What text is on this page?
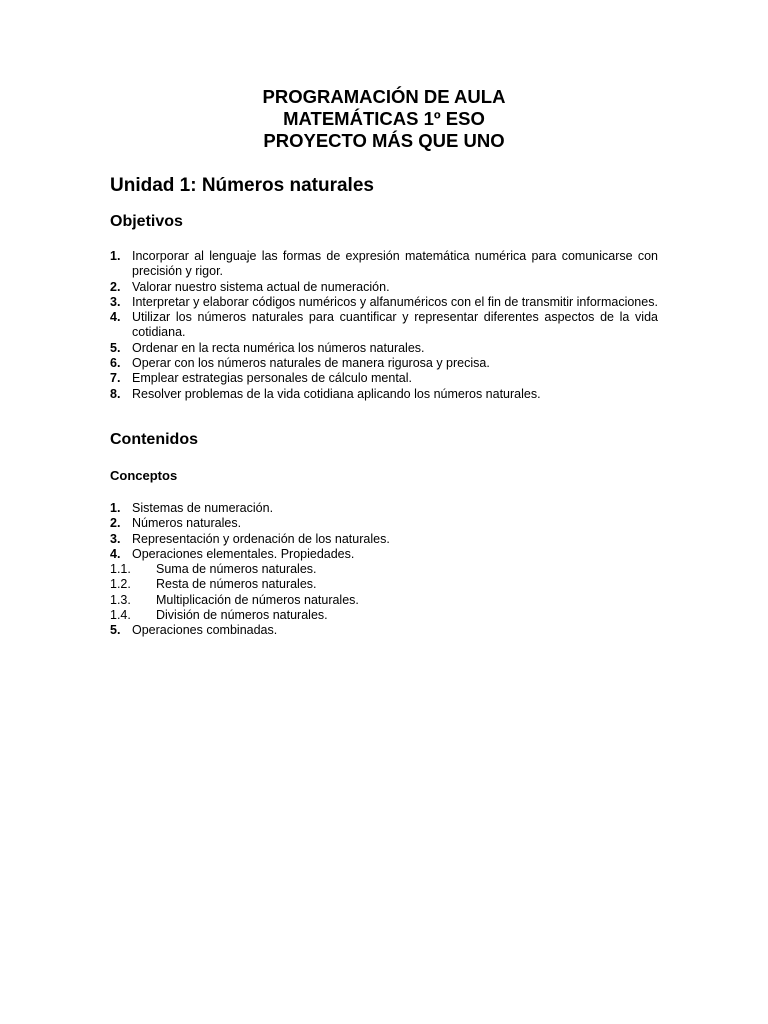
PROGRAMACIÓN DE AULA
MATEMÁTICAS 1º ESO
PROYECTO MÁS QUE UNO
Unidad 1: Números naturales
Objetivos
1. Incorporar al lenguaje las formas de expresión matemática numérica para comunicarse con precisión y rigor.
2. Valorar nuestro sistema actual de numeración.
3. Interpretar y elaborar códigos numéricos y alfanuméricos con el fin de transmitir informaciones.
4. Utilizar los números naturales para cuantificar y representar diferentes aspectos de la vida cotidiana.
5. Ordenar en la recta numérica los números naturales.
6. Operar con los números naturales de manera rigurosa y precisa.
7. Emplear estrategias personales de cálculo mental.
8. Resolver problemas de la vida cotidiana aplicando los números naturales.
Contenidos
Conceptos
1. Sistemas de numeración.
2. Números naturales.
3. Representación y ordenación de los naturales.
4. Operaciones elementales. Propiedades.
1.1.	Suma de números naturales.
1.2.	Resta de números naturales.
1.3.	Multiplicación de números naturales.
1.4.	División de números naturales.
5. Operaciones combinadas.
